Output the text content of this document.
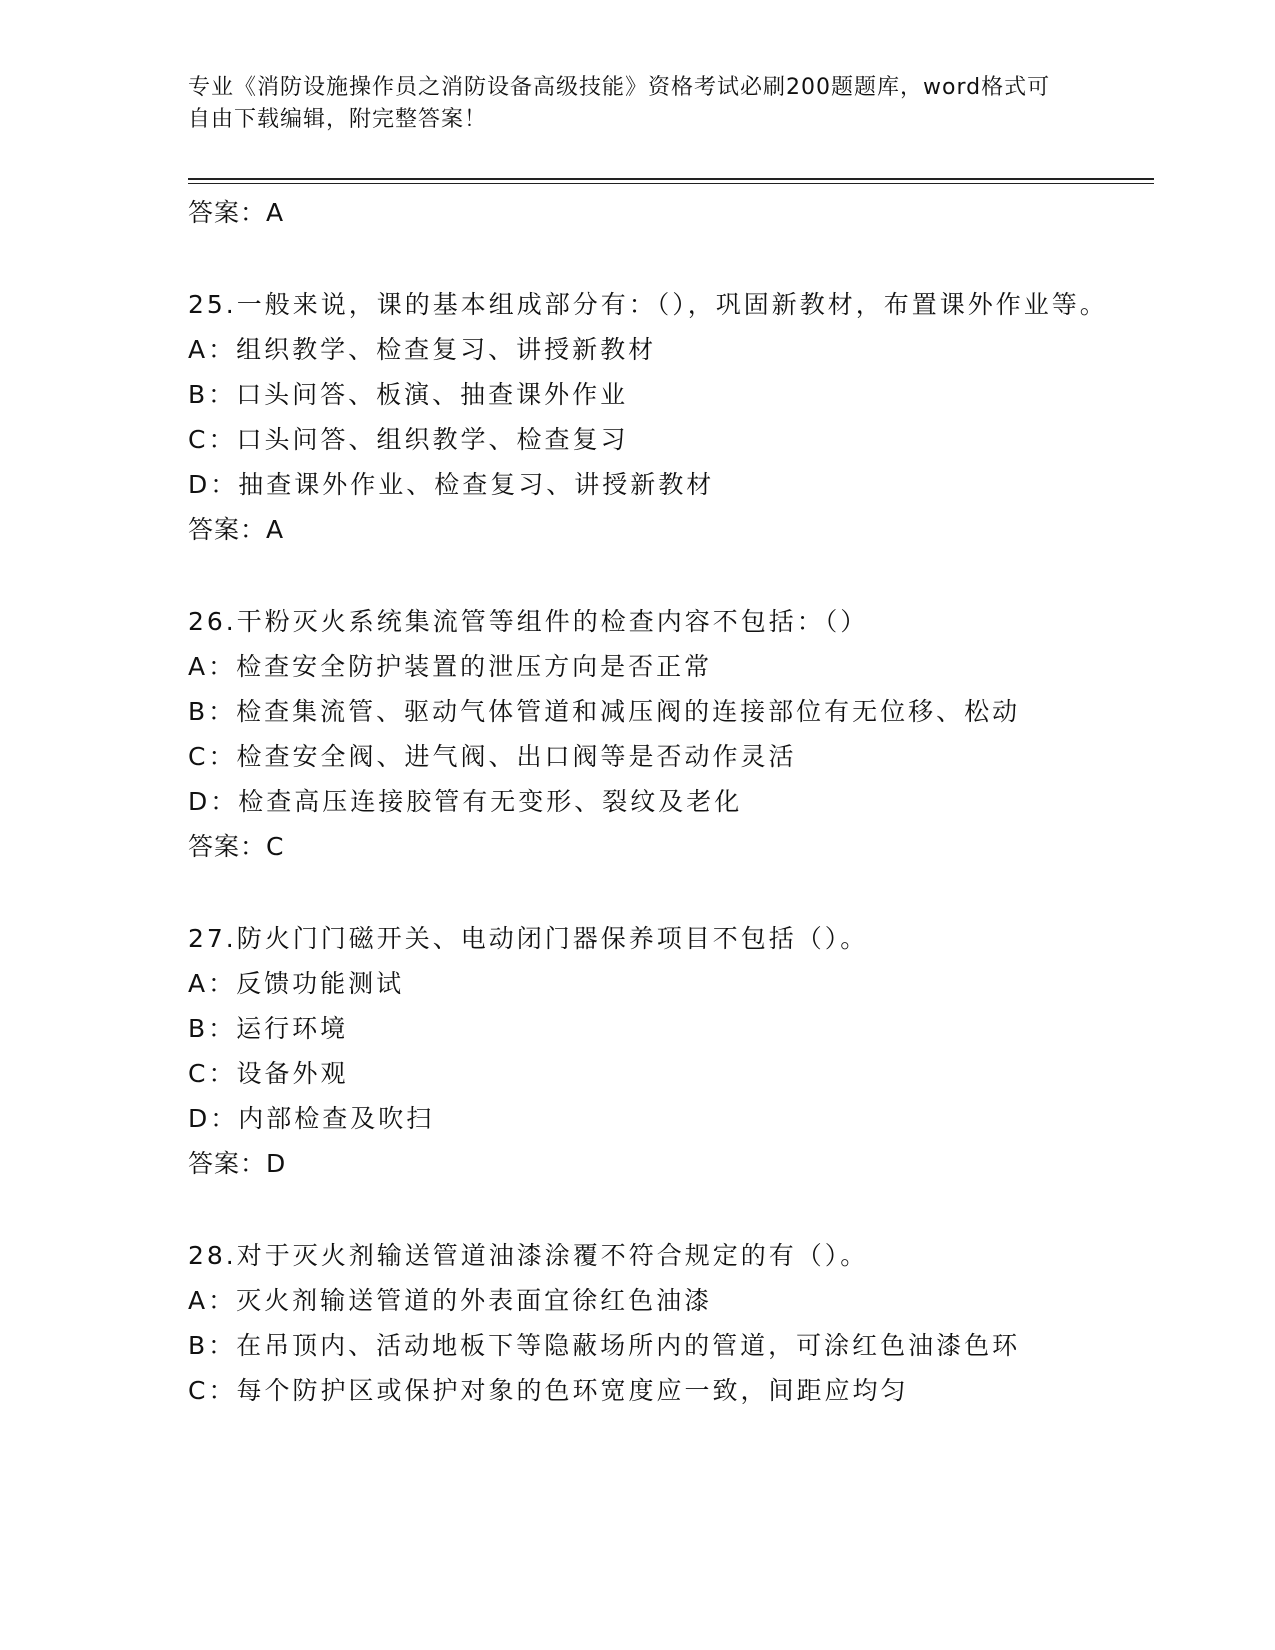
专业《消防设施操作员之消防设备高级技能》资格考试必刷200题题库，word格式可自由下载编辑，附完整答案！
答案：A
25.一般来说，课的基本组成部分有：（），巩固新教材，布置课外作业等。
A：组织教学、检查复习、讲授新教材
B：口头问答、板演、抽查课外作业
C：口头问答、组织教学、检查复习
D：抽查课外作业、检查复习、讲授新教材
答案：A
26.干粉灭火系统集流管等组件的检查内容不包括：（）
A：检查安全防护装置的泄压方向是否正常
B：检查集流管、驱动气体管道和减压阀的连接部位有无位移、松动
C：检查安全阀、进气阀、出口阀等是否动作灵活
D：检查高压连接胶管有无变形、裂纹及老化
答案：C
27.防火门门磁开关、电动闭门器保养项目不包括（）。
A：反馈功能测试
B：运行环境
C：设备外观
D：内部检查及吹扫
答案：D
28.对于灭火剂输送管道油漆涂覆不符合规定的有（）。
A：灭火剂输送管道的外表面宜徐红色油漆
B：在吊顶内、活动地板下等隐蔽场所内的管道，可涂红色油漆色环
C：每个防护区或保护对象的色环宽度应一致，间距应均匀
